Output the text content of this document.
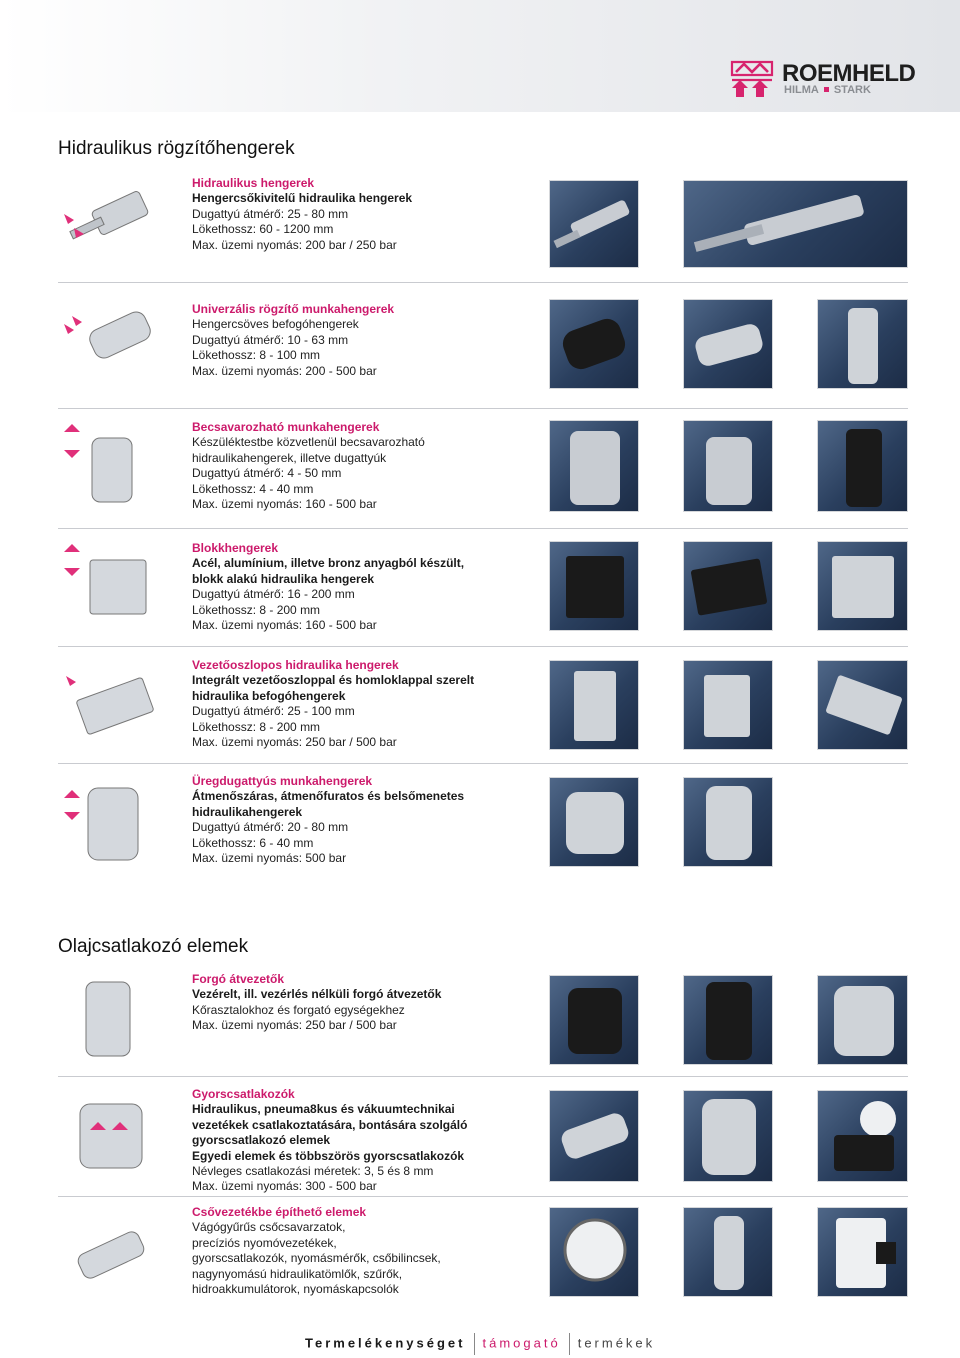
ROEMHELD
HILMA STARK
Hidraulikus rögzítőhengerek
Olajcsatlakozó elemek
Hidraulikus hengerek
Hengercsőkivitelű hidraulika hengerek
Dugattyú átmérő: 25 - 80 mm
Lökethossz: 60 - 1200 mm
Max. üzemi nyomás: 200 bar / 250 bar
Univerzális rögzítő munkahengerek
Hengercsöves befogóhengerek
Dugattyú átmérő: 10 - 63 mm
Lökethossz: 8 - 100 mm
Max. üzemi nyomás: 200 - 500 bar
Becsavarozható munkahengerek
Készüléktestbe közvetlenül becsavarozható
hidraulikahengerek, illetve dugattyúk
Dugattyú átmérő: 4 - 50 mm
Lökethossz: 4 - 40 mm
Max. üzemi nyomás: 160 - 500 bar
Blokkhengerek
Acél, alumínium, illetve bronz anyagból készült,
blokk alakú hidraulika hengerek
Dugattyú átmérő: 16 - 200 mm
Lökethossz: 8 - 200 mm
Max. üzemi nyomás: 160 - 500 bar
Vezetőoszlopos hidraulika hengerek
Integrált vezetőoszloppal és homloklappal szerelt
hidraulika befogóhengerek
Dugattyú átmérő: 25 - 100 mm
Lökethossz: 8 - 200 mm
Max. üzemi nyomás: 250 bar / 500 bar
Üregdugattyús munkahengerek
Átmenőszáras, átmenőfuratos és belsőmenetes
hidraulikahengerek
Dugattyú átmérő: 20 - 80 mm
Lökethossz: 6 - 40 mm
Max. üzemi nyomás: 500 bar
Forgó átvezetők
Vezérelt, ill. vezérlés nélküli forgó átvezetők
Kőrasztalokhoz és forgató egységekhez
Max. üzemi nyomás: 250 bar / 500 bar
Gyorscsatlakozók
Hidraulikus, pneuma8kus és vákuumtechnikai
vezetékek csatlakoztatására, bontására szolgáló
gyorscsatlakozó elemek
Egyedi elemek és többszörös gyorscsatlakozók
Névleges csatlakozási méretek: 3, 5 és 8 mm
Max. üzemi nyomás: 300 - 500 bar
Csővezetékbe építhető elemek
Vágógyűrűs csőcsavarzatok,
precíziós nyomóvezetékek,
gyorscsatlakozók, nyomásmérők, csőbilincsek,
nagynyomású hidraulikatömlők, szűrők,
hidroakkumulátorok, nyomáskapcsolók
Termelékenységet támogató termékek
